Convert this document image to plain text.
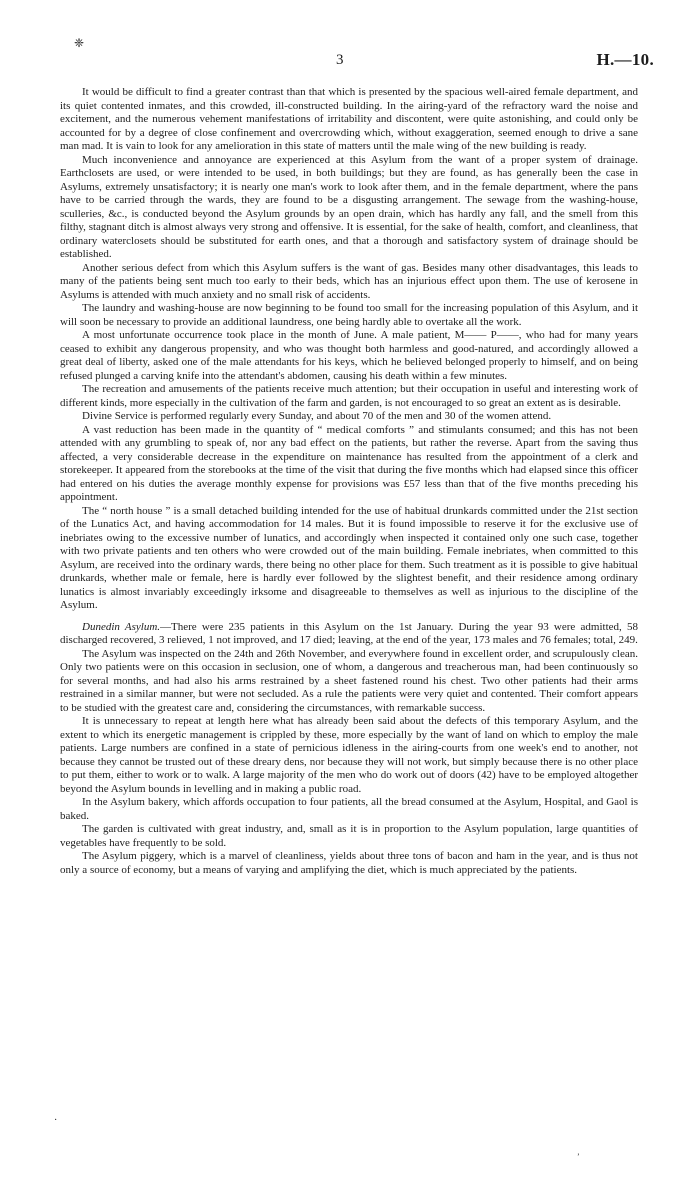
❈
3	H.—10.

It would be difficult to find a greater contrast than that which is presented by the spacious well-aired female department, and its quiet contented inmates, and this crowded, ill-constructed building. In the airing-yard of the refractory ward the noise and excitement, and the numerous vehement manifestations of irritability and discontent, were quite astonishing, and could only be accounted for by a degree of close confinement and overcrowding which, without exaggeration, seemed enough to drive a sane man mad. It is vain to look for any amelioration in this state of matters until the male wing of the new building is ready.

Much inconvenience and annoyance are experienced at this Asylum from the want of a proper system of drainage. Earthclosets are used, or were intended to be used, in both buildings; but they are found, as has generally been the case in Asylums, extremely unsatisfactory; it is nearly one man's work to look after them, and in the female department, where the pans have to be carried through the wards, they are found to be a disgusting arrangement. The sewage from the washing-house, sculleries, &c., is conducted beyond the Asylum grounds by an open drain, which has hardly any fall, and the smell from this filthy, stagnant ditch is almost always very strong and offensive. It is essential, for the sake of health, comfort, and cleanliness, that ordinary waterclosets should be substituted for earth ones, and that a thorough and satisfactory system of drainage should be established.

Another serious defect from which this Asylum suffers is the want of gas. Besides many other disadvantages, this leads to many of the patients being sent much too early to their beds, which has an injurious effect upon them. The use of kerosene in Asylums is attended with much anxiety and no small risk of accidents.

The laundry and washing-house are now beginning to be found too small for the increasing population of this Asylum, and it will soon be necessary to provide an additional laundress, one being hardly able to overtake all the work.

A most unfortunate occurrence took place in the month of June. A male patient, M—— P——, who had for many years ceased to exhibit any dangerous propensity, and who was thought both harmless and good-natured, and accordingly allowed a great deal of liberty, asked one of the male attendants for his keys, which he believed belonged properly to himself, and on being refused plunged a carving knife into the attendant's abdomen, causing his death within a few minutes.

The recreation and amusements of the patients receive much attention; but their occupation in useful and interesting work of different kinds, more especially in the cultivation of the farm and garden, is not encouraged to so great an extent as is desirable.

Divine Service is performed regularly every Sunday, and about 70 of the men and 30 of the women attend.

A vast reduction has been made in the quantity of “ medical comforts ” and stimulants consumed; and this has not been attended with any grumbling to speak of, nor any bad effect on the patients, but rather the reverse. Apart from the saving thus affected, a very considerable decrease in the expenditure on maintenance has resulted from the appointment of a clerk and storekeeper. It appeared from the storebooks at the time of the visit that during the five months which had elapsed since this officer had entered on his duties the average monthly expense for provisions was £57 less than that of the five months preceding his appointment.

The “ north house ” is a small detached building intended for the use of habitual drunkards committed under the 21st section of the Lunatics Act, and having accommodation for 14 males. But it is found impossible to reserve it for the exclusive use of inebriates owing to the excessive number of lunatics, and accordingly when inspected it contained only one such case, together with two private patients and ten others who were crowded out of the main building. Female inebriates, when committed to this Asylum, are received into the ordinary wards, there being no other place for them. Such treatment as it is possible to give habitual drunkards, whether male or female, here is hardly ever followed by the slightest benefit, and their residence among ordinary lunatics is almost invariably exceedingly irksome and disagreeable to themselves as well as injurious to the discipline of the Asylum.

Dunedin Asylum.—There were 235 patients in this Asylum on the 1st January. During the year 93 were admitted, 58 discharged recovered, 3 relieved, 1 not improved, and 17 died; leaving, at the end of the year, 173 males and 76 females; total, 249.

The Asylum was inspected on the 24th and 26th November, and everywhere found in excellent order, and scrupulously clean. Only two patients were on this occasion in seclusion, one of whom, a dangerous and treacherous man, had been continuously so for several months, and had also his arms restrained by a sheet fastened round his chest. Two other patients had their arms restrained in a similar manner, but were not secluded. As a rule the patients were very quiet and contented. Their comfort appears to be studied with the greatest care and, considering the circumstances, with remarkable success.

It is unnecessary to repeat at length here what has already been said about the defects of this temporary Asylum, and the extent to which its energetic management is crippled by these, more especially by the want of land on which to employ the male patients. Large numbers are confined in a state of pernicious idleness in the airing-courts from one week's end to another, not because they cannot be trusted out of these dreary dens, nor because they will not work, but simply because there is no other place to put them, either to work or to walk. A large majority of the men who do work out of doors (42) have to be employed altogether beyond the Asylum bounds in levelling and in making a public road.

In the Asylum bakery, which affords occupation to four patients, all the bread consumed at the Asylum, Hospital, and Gaol is baked.

The garden is cultivated with great industry, and, small as it is in proportion to the Asylum population, large quantities of vegetables have frequently to be sold.

The Asylum piggery, which is a marvel of cleanliness, yields about three tons of bacon and ham in the year, and is thus not only a source of economy, but a means of varying and amplifying the diet, which is much appreciated by the patients.

·
’
